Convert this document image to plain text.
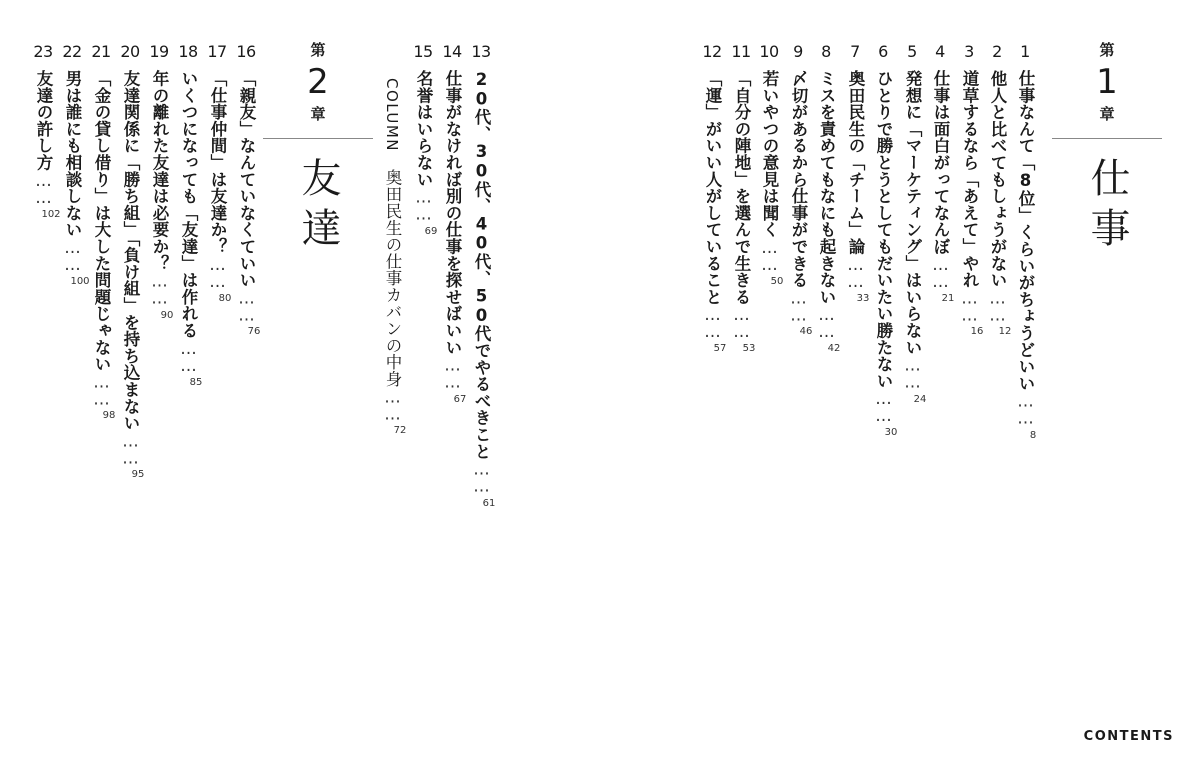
第
1
章
仕事
第
2
章
友達
1
仕事なんて「8位」くらいがちょうどいい……
8
2
他人と比べてもしょうがない……
12
3
道草するなら「あえて」やれ……
16
4
仕事は面白がってなんぼ……
21
5
発想に「マーケティング」はいらない……
24
6
ひとりで勝とうとしてもだいたい勝たない……
30
7
奥田民生の「チーム」論……
33
8
ミスを責めてもなにも起きない……
42
9
〆切があるから仕事ができる……
46
10
若いやつの意見は聞く……
50
11
「自分の陣地」を選んで生きる……
53
12
「運」がいい人がしていること……
57
13
20代、30代、40代、50代でやるべきこと……
61
14
仕事がなければ別の仕事を探せばいい……
67
15
名誉はいらない……
69
COLUMN　奥田民生の仕事カバンの中身……
72
16
「親友」なんていなくていい……
76
17
「仕事仲間」は友達か？……
80
18
いくつになっても「友達」は作れる……
85
19
年の離れた友達は必要か？……
90
20
友達関係に「勝ち組」「負け組」を持ち込まない……
95
21
「金の貸し借り」は大した問題じゃない……
98
22
男は誰にも相談しない……
100
23
友達の許し方……
102
CONTENTS
